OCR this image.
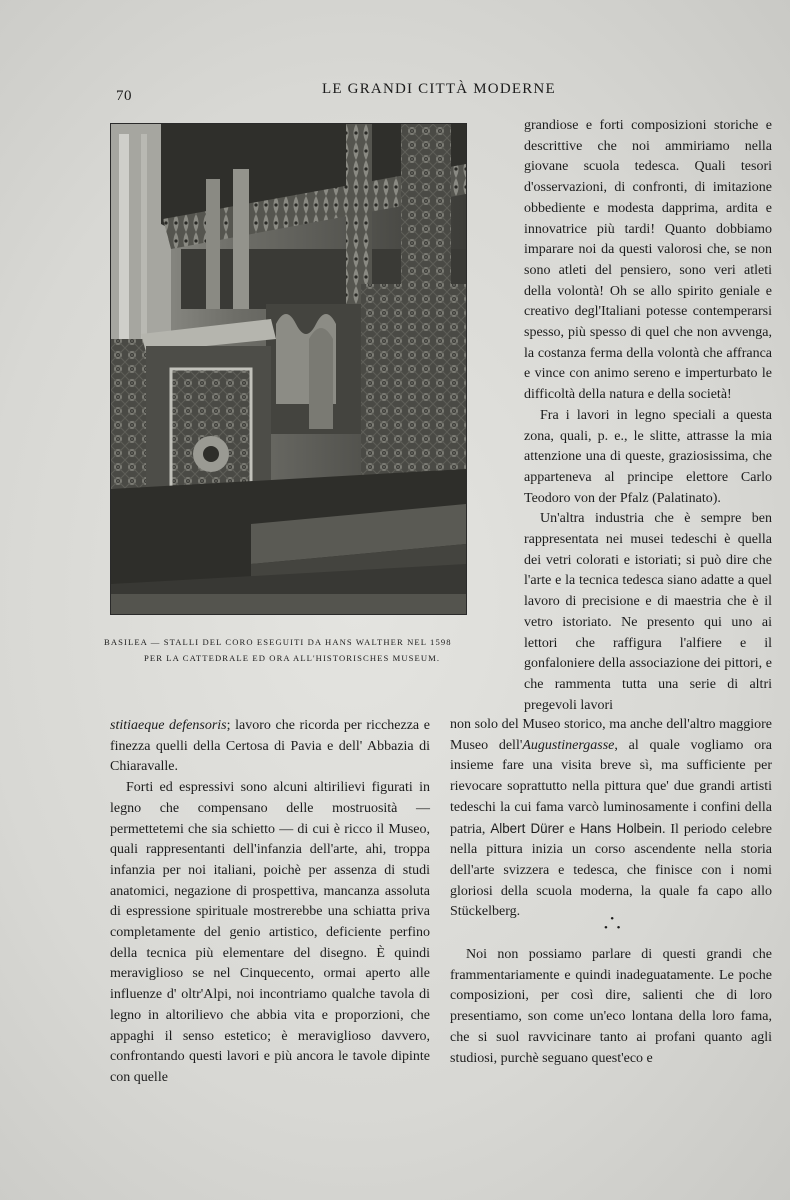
70	LE GRANDI CITTÀ MODERNE
BASILEA — STALLI DEL CORO ESEGUITI DA HANS WALTHER NEL 1598
PER LA CATTEDRALE ED ORA ALL'HISTORISCHES MUSEUM.

grandiose e forti composizioni storiche e descrittive che noi ammiriamo nella giovane scuola tedesca. Quali tesori d'osservazioni, di confronti, di imitazione obbediente e modesta dapprima, ardita e innovatrice più tardi! Quanto dobbiamo imparare noi da questi valorosi che, se non sono atleti del pensiero, sono veri atleti della volontà! Oh se allo spirito geniale e creativo degl'Italiani potesse contemperarsi spesso, più spesso di quel che non avvenga, la costanza ferma della volontà che affranca e vince con animo sereno e imperturbato le difficoltà della natura e della società!

Fra i lavori in legno speciali a questa zona, quali, p. e., le slitte, attrasse la mia attenzione una di queste, graziosissima, che apparteneva al principe elettore Carlo Teodoro von der Pfalz (Palatinato).

Un'altra industria che è sempre ben rappresentata nei musei tedeschi è quella dei vetri colorati e istoriati; si può dire che l'arte e la tecnica tedesca siano adatte a quel lavoro di precisione e di maestria che è il vetro istoriato. Ne presento qui uno ai lettori che raffigura l'alfiere e il gonfaloniere della associazione dei pittori, e che rammenta tutta una serie di altri pregevoli lavori

non solo del Museo storico, ma anche dell'altro maggiore Museo dell'Augustinergasse, al quale vogliamo ora insieme fare una visita breve sì, ma sufficiente per rievocare soprattutto nella pittura que' due grandi artisti tedeschi la cui fama varcò luminosamente i confini della patria, Albert Dürer e Hans Holbein. Il periodo celebre nella pittura inizia un corso ascendente nella storia dell'arte svizzera e tedesca, che finisce con i nomi gloriosi della scuola moderna, la quale fa capo allo Stückelberg.	•
• •

stitiaeque defensoris; lavoro che ricorda per ricchezza e finezza quelli della Certosa di Pavia e dell' Abbazia di Chiaravalle.

Forti ed espressivi sono alcuni altirilievi figurati in legno che compensano delle mostruosità — permettetemi che sia schietto — di cui è ricco il Museo, quali rappresentanti dell'infanzia dell'arte, ahi, troppa infanzia per noi italiani, poichè per assenza di studi anatomici, negazione di prospettiva, mancanza assoluta di espressione spirituale mostrerebbe una schiatta priva completamente del genio artistico, deficiente perfino della tecnica più elementare del disegno. È quindi meraviglioso se nel Cinquecento, ormai aperto alle influenze d' oltr'Alpi, noi incontriamo qualche tavola di legno in altorilievo che abbia vita e proporzioni, che appaghi il senso estetico; è meraviglioso davvero, confrontando questi lavori e più ancora le tavole dipinte con quelle

Noi non possiamo parlare di questi grandi che frammentariamente e quindi inadeguatamente. Le poche composizioni, per così dire, salienti che di loro presentiamo, son come un'eco lontana della loro fama, che si suol ravvicinare tanto ai profani quanto agli studiosi, purchè seguano quest'eco e
